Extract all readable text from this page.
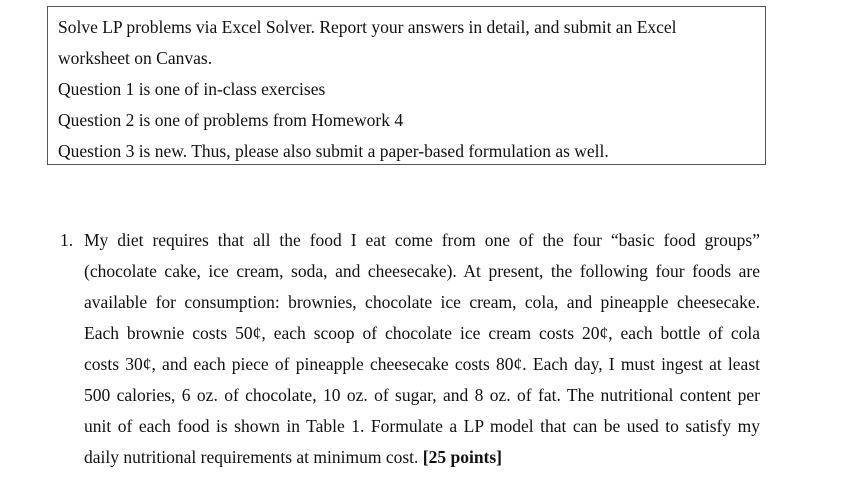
Solve LP problems via Excel Solver. Report your answers in detail, and submit an Excel
worksheet on Canvas.
Question 1 is one of in-class exercises
Question 2 is one of problems from Homework 4
Question 3 is new. Thus, please also submit a paper-based formulation as well.
1. My diet requires that all the food I eat come from one of the four “basic food groups”
(chocolate cake, ice cream, soda, and cheesecake). At present, the following four foods are
available for consumption: brownies, chocolate ice cream, cola, and pineapple cheesecake.
Each brownie costs 50¢, each scoop of chocolate ice cream costs 20¢, each bottle of cola
costs 30¢, and each piece of pineapple cheesecake costs 80¢. Each day, I must ingest at least
500 calories, 6 oz. of chocolate, 10 oz. of sugar, and 8 oz. of fat. The nutritional content per
unit of each food is shown in Table 1. Formulate a LP model that can be used to satisfy my
daily nutritional requirements at minimum cost. [25 points]
